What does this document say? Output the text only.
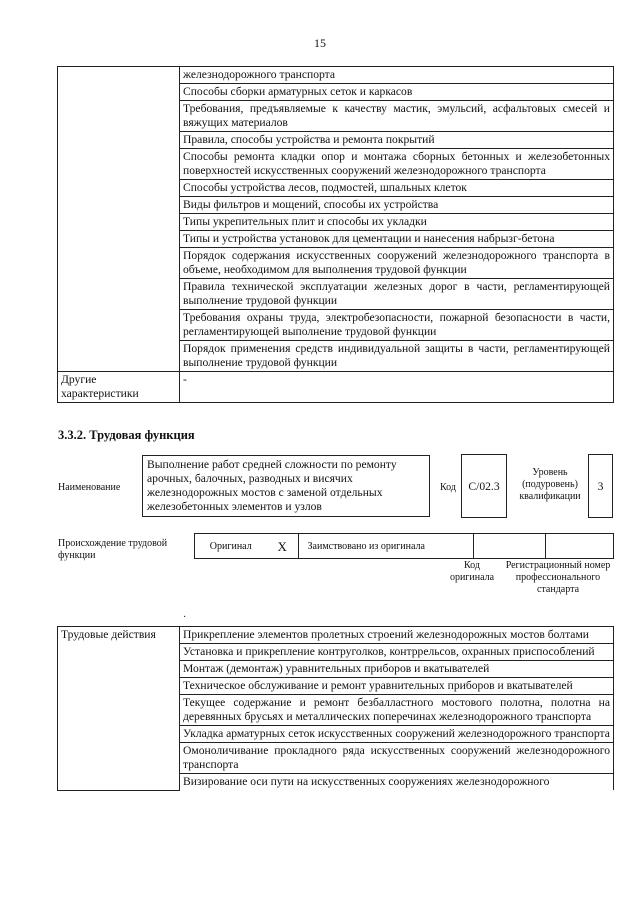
15
	железнодорожного транспорта
	Способы сборки арматурных сеток и каркасов
	Требования, предъявляемые к качеству мастик, эмульсий, асфальтовых смесей и вяжущих материалов
	Правила, способы устройства и ремонта покрытий
	Способы ремонта кладки опор и монтажа сборных бетонных и железобетонных поверхностей искусственных сооружений железнодорожного транспорта
	Способы устройства лесов, подмостей, шпальных клеток
	Виды фильтров и мощений, способы их устройства
	Типы укрепительных плит и способы их укладки
	Типы и устройства установок для цементации и нанесения набрызг-бетона
	Порядок содержания искусственных сооружений железнодорожного транспорта в объеме, необходимом для выполнения трудовой функции
	Правила технической эксплуатации железных дорог в части, регламентирующей выполнение трудовой функции
	Требования охраны труда, электробезопасности, пожарной безопасности в части, регламентирующей выполнение трудовой функции
	Порядок применения средств индивидуальной защиты в части, регламентирующей выполнение трудовой функции
Другие характеристики	-
3.3.2. Трудовая функция
Наименование
Выполнение работ средней сложности по ремонту арочных, балочных, разводных и висячих железнодорожных мостов с заменой отдельных железобетонных элементов и узлов
Код	С/02.3
Уровень (подуровень) квалификации
3
Происхождение трудовой функции
Оригинал	X	Заимствовано из оригинала			
Код оригинала
Регистрационный номер профессионального стандарта
·
Трудовые действия	Прикрепление элементов пролетных строений железнодорожных мостов болтами
Установка и прикрепление контруголков, контррельсов, охранных приспособлений
Монтаж (демонтаж) уравнительных приборов и вкатывателей
Техническое обслуживание и ремонт уравнительных приборов и вкатывателей
Текущее содержание и ремонт безбалластного мостового полотна, полотна на деревянных брусьях и металлических поперечинах железнодорожного транспорта
Укладка арматурных сеток искусственных сооружений железнодорожного транспорта
Омоноличивание прокладного ряда искусственных сооружений железнодорожного транспорта
Визирование оси пути на искусственных сооружениях железнодорожного
